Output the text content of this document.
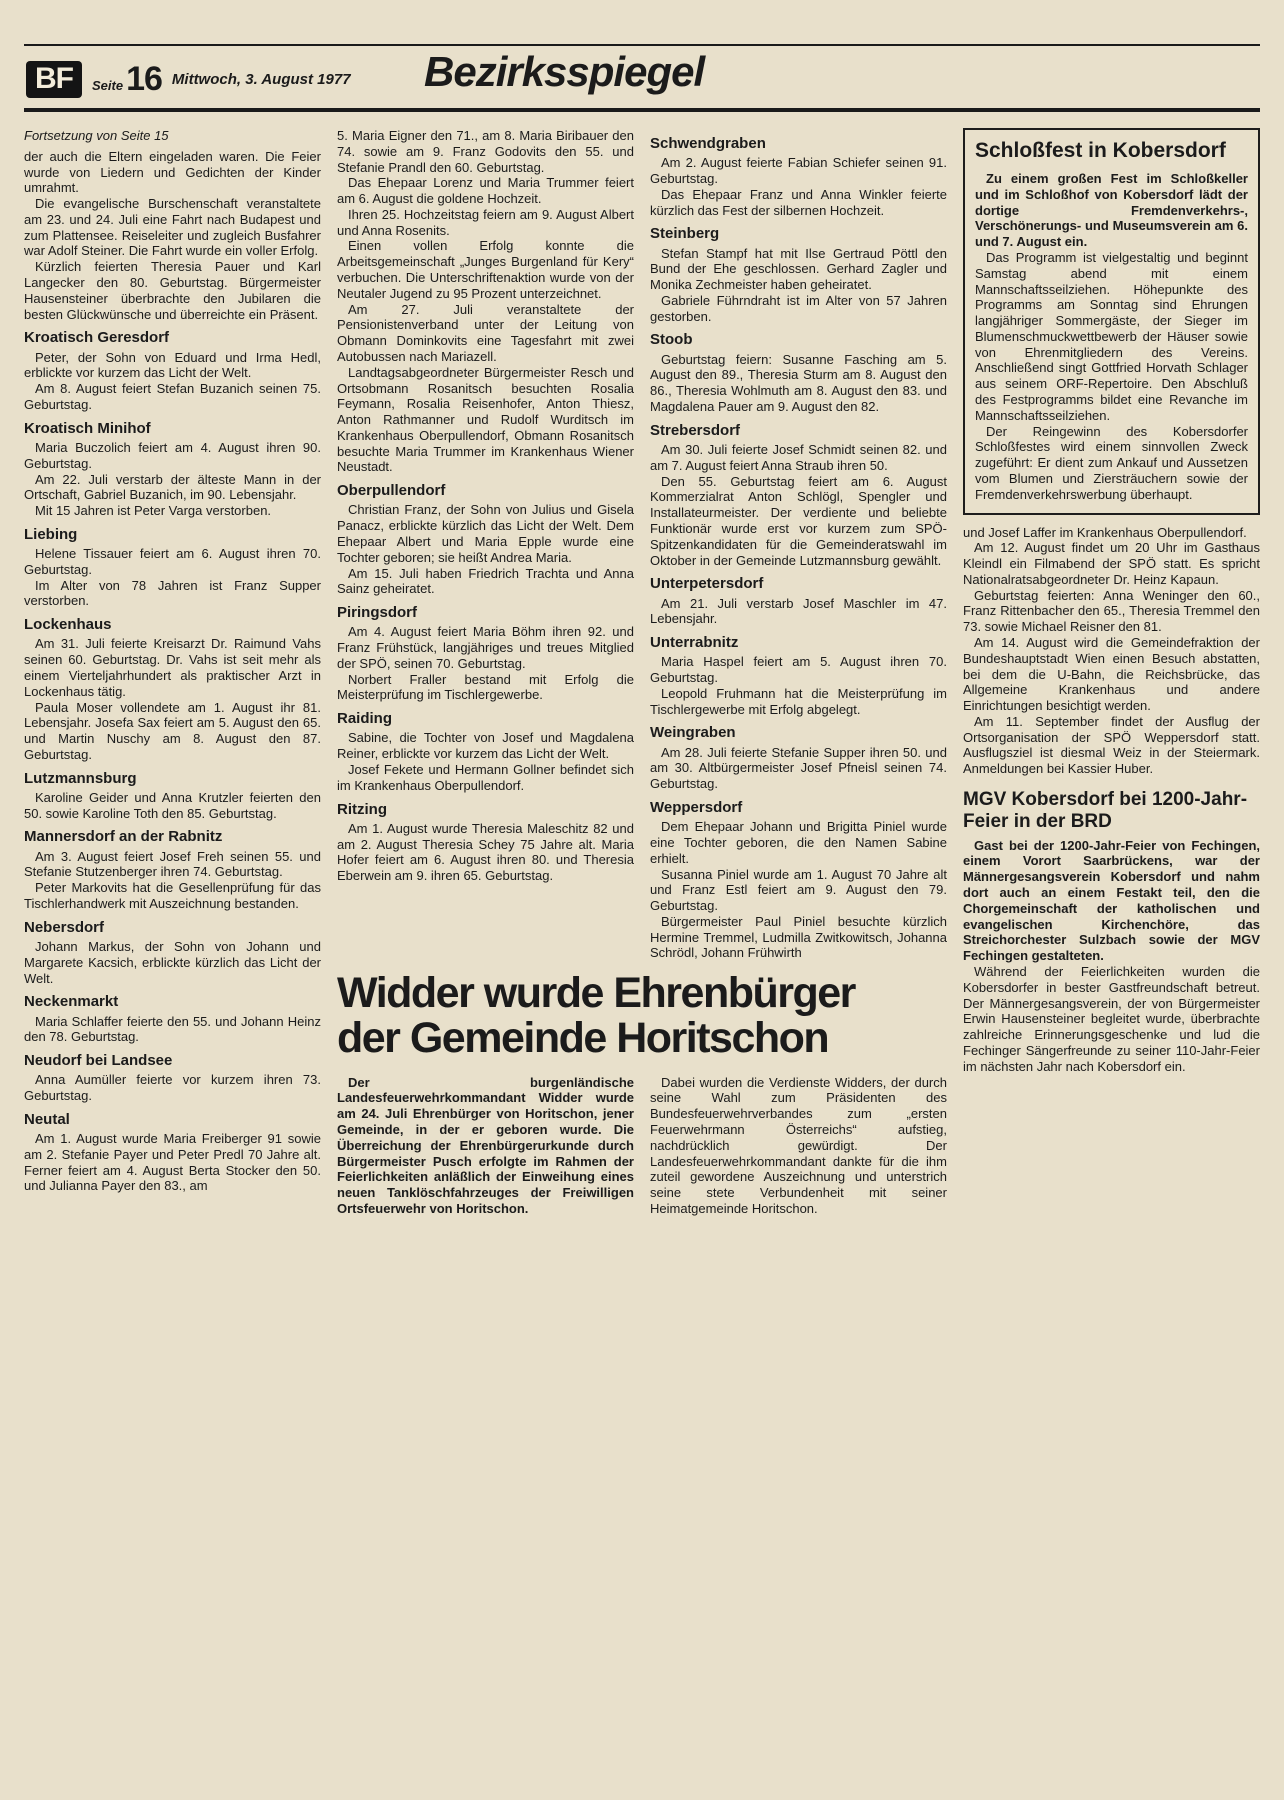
BF	Seite 16 Mittwoch, 3. August 1977 Bezirksspiegel
Fortsetzung von Seite 15
der auch die Eltern eingeladen waren. Die Feier wurde von Liedern und Gedichten der Kinder umrahmt.
Die evangelische Burschenschaft veranstaltete am 23. und 24. Juli eine Fahrt nach Budapest und zum Plattensee. Reiseleiter und zugleich Busfahrer war Adolf Steiner. Die Fahrt wurde ein voller Erfolg.
Kürzlich feierten Theresia Pauer und Karl Langecker den 80. Geburtstag. Bürgermeister Hausensteiner überbrachte den Jubilaren die besten Glückwünsche und überreichte ein Präsent.
Kroatisch Geresdorf
Peter, der Sohn von Eduard und Irma Hedl, erblickte vor kurzem das Licht der Welt.
Am 8. August feiert Stefan Buzanich seinen 75. Geburtstag.
Kroatisch Minihof
Maria Buczolich feiert am 4. August ihren 90. Geburtstag.
Am 22. Juli verstarb der älteste Mann in der Ortschaft, Gabriel Buzanich, im 90. Lebensjahr.
Mit 15 Jahren ist Peter Varga verstorben.
Liebing
Helene Tissauer feiert am 6. August ihren 70. Geburtstag.
Im Alter von 78 Jahren ist Franz Supper verstorben.
Lockenhaus
Am 31. Juli feierte Kreisarzt Dr. Raimund Vahs seinen 60. Geburtstag. Dr. Vahs ist seit mehr als einem Vierteljahrhundert als praktischer Arzt in Lockenhaus tätig.
Paula Moser vollendete am 1. August ihr 81. Lebensjahr. Josefa Sax feiert am 5. August den 65. und Martin Nuschy am 8. August den 87. Geburtstag.
Lutzmannsburg
Karoline Geider und Anna Krutzler feierten den 50. sowie Karoline Toth den 85. Geburtstag.
Mannersdorf an der Rabnitz
Am 3. August feiert Josef Freh seinen 55. und Stefanie Stutzenberger ihren 74. Geburtstag.
Peter Markovits hat die Gesellenprüfung für das Tischlerhandwerk mit Auszeichnung bestanden.
Nebersdorf
Johann Markus, der Sohn von Johann und Margarete Kacsich, erblickte kürzlich das Licht der Welt.
Neckenmarkt
Maria Schlaffer feierte den 55. und Johann Heinz den 78. Geburtstag.
Neudorf bei Landsee
Anna Aumüller feierte vor kurzem ihren 73. Geburtstag.
Neutal
Am 1. August wurde Maria Freiberger 91 sowie am 2. Stefanie Payer und Peter Predl 70 Jahre alt. Ferner feiert am 4. August Berta Stocker den 50. und Julianna Payer den 83., am
5. Maria Eigner den 71., am 8. Maria Biribauer den 74. sowie am 9. Franz Godovits den 55. und Stefanie Prandl den 60. Geburtstag.
Das Ehepaar Lorenz und Maria Trummer feiert am 6. August die goldene Hochzeit.
Ihren 25. Hochzeitstag feiern am 9. August Albert und Anna Rosenits.
Einen vollen Erfolg konnte die Arbeitsgemeinschaft „Junges Burgenland für Kery“ verbuchen. Die Unterschriftenaktion wurde von der Neutaler Jugend zu 95 Prozent unterzeichnet.
Am 27. Juli veranstaltete der Pensionistenverband unter der Leitung von Obmann Dominkovits eine Tagesfahrt mit zwei Autobussen nach Mariazell.
Landtagsabgeordneter Bürgermeister Resch und Ortsobmann Rosanitsch besuchten Rosalia Feymann, Rosalia Reisenhofer, Anton Thiesz, Anton Rathmanner und Rudolf Wurditsch im Krankenhaus Oberpullendorf, Obmann Rosanitsch besuchte Maria Trummer im Krankenhaus Wiener Neustadt.
Oberpullendorf
Christian Franz, der Sohn von Julius und Gisela Panacz, erblickte kürzlich das Licht der Welt. Dem Ehepaar Albert und Maria Epple wurde eine Tochter geboren; sie heißt Andrea Maria.
Am 15. Juli haben Friedrich Trachta und Anna Sainz geheiratet.
Piringsdorf
Am 4. August feiert Maria Böhm ihren 92. und Franz Frühstück, langjähriges und treues Mitglied der SPÖ, seinen 70. Geburtstag.
Norbert Fraller bestand mit Erfolg die Meisterprüfung im Tischlergewerbe.
Raiding
Sabine, die Tochter von Josef und Magdalena Reiner, erblickte vor kurzem das Licht der Welt.
Josef Fekete und Hermann Gollner befindet sich im Krankenhaus Oberpullendorf.
Ritzing
Am 1. August wurde Theresia Maleschitz 82 und am 2. August Theresia Schey 75 Jahre alt. Maria Hofer feiert am 6. August ihren 80. und Theresia Eberwein am 9. ihren 65. Geburtstag.
Schwendgraben
Am 2. August feierte Fabian Schiefer seinen 91. Geburtstag.
Das Ehepaar Franz und Anna Winkler feierte kürzlich das Fest der silbernen Hochzeit.
Steinberg
Stefan Stampf hat mit Ilse Gertraud Pöttl den Bund der Ehe geschlossen. Gerhard Zagler und Monika Zechmeister haben geheiratet.
Gabriele Führndraht ist im Alter von 57 Jahren gestorben.
Stoob
Geburtstag feiern: Susanne Fasching am 5. August den 89., Theresia Sturm am 8. August den 86., Theresia Wohlmuth am 8. August den 83. und Magdalena Pauer am 9. August den 82.
Strebersdorf
Am 30. Juli feierte Josef Schmidt seinen 82. und am 7. August feiert Anna Straub ihren 50.
Den 55. Geburtstag feiert am 6. August Kommerzialrat Anton Schlögl, Spengler und Installateurmeister. Der verdiente und beliebte Funktionär wurde erst vor kurzem zum SPÖ-Spitzenkandidaten für die Gemeinderatswahl im Oktober in der Gemeinde Lutzmannsburg gewählt.
Unterpetersdorf
Am 21. Juli verstarb Josef Maschler im 47. Lebensjahr.
Unterrabnitz
Maria Haspel feiert am 5. August ihren 70. Geburtstag.
Leopold Fruhmann hat die Meisterprüfung im Tischlergewerbe mit Erfolg abgelegt.
Weingraben
Am 28. Juli feierte Stefanie Supper ihren 50. und am 30. Altbürgermeister Josef Pfneisl seinen 74. Geburtstag.
Weppersdorf
Dem Ehepaar Johann und Brigitta Piniel wurde eine Tochter geboren, die den Namen Sabine erhielt.
Susanna Piniel wurde am 1. August 70 Jahre alt und Franz Estl feiert am 9. August den 79. Geburtstag.
Bürgermeister Paul Piniel besuchte kürzlich Hermine Tremmel, Ludmilla Zwitkowitsch, Johanna Schrödl, Johann Frühwirth
Widder wurde Ehrenbürger
der Gemeinde Horitschon
Der burgenländische Landesfeuerwehrkommandant Widder wurde am 24. Juli Ehrenbürger von Horitschon, jener Gemeinde, in der er geboren wurde. Die Überreichung der Ehrenbürgerurkunde durch Bürgermeister Pusch erfolgte im Rahmen der Feierlichkeiten anläßlich der Einweihung eines neuen Tanklöschfahrzeuges der Freiwilligen Ortsfeuerwehr von Horitschon.
Dabei wurden die Verdienste Widders, der durch seine Wahl zum Präsidenten des Bundesfeuerwehrverbandes zum „ersten Feuerwehrmann Österreichs“ aufstieg, nachdrücklich gewürdigt. Der Landesfeuerwehrkommandant dankte für die ihm zuteil gewordene Auszeichnung und unterstrich seine stete Verbundenheit mit seiner Heimatgemeinde Horitschon.
Schloßfest in Kobersdorf
Zu einem großen Fest im Schloßkeller und im Schloßhof von Kobersdorf lädt der dortige Fremdenverkehrs-, Verschönerungs- und Museumsverein am 6. und 7. August ein.
Das Programm ist vielgestaltig und beginnt Samstag abend mit einem Mannschaftsseilziehen. Höhepunkte des Programms am Sonntag sind Ehrungen langjähriger Sommergäste, der Sieger im Blumenschmuckwettbewerb der Häuser sowie von Ehrenmitgliedern des Vereins. Anschließend singt Gottfried Horvath Schlager aus seinem ORF-Repertoire. Den Abschluß des Festprogramms bildet eine Revanche im Mannschaftsseilziehen.
Der Reingewinn des Kobersdorfer Schloßfestes wird einem sinnvollen Zweck zugeführt: Er dient zum Ankauf und Aussetzen vom Blumen und Ziersträuchern sowie der Fremdenverkehrswerbung überhaupt.
und Josef Laffer im Krankenhaus Oberpullendorf.
Am 12. August findet um 20 Uhr im Gasthaus Kleindl ein Filmabend der SPÖ statt. Es spricht Nationalratsabgeordneter Dr. Heinz Kapaun.
Geburtstag feierten: Anna Weninger den 60., Franz Rittenbacher den 65., Theresia Tremmel den 73. sowie Michael Reisner den 81.
Am 14. August wird die Gemeindefraktion der Bundeshauptstadt Wien einen Besuch abstatten, bei dem die U-Bahn, die Reichsbrücke, das Allgemeine Krankenhaus und andere Einrichtungen besichtigt werden.
Am 11. September findet der Ausflug der Ortsorganisation der SPÖ Weppersdorf statt. Ausflugsziel ist diesmal Weiz in der Steiermark. Anmeldungen bei Kassier Huber.
MGV Kobersdorf bei 1200-Jahr-Feier in der BRD
Gast bei der 1200-Jahr-Feier von Fechingen, einem Vorort Saarbrückens, war der Männergesangsverein Kobersdorf und nahm dort auch an einem Festakt teil, den die Chorgemeinschaft der katholischen und evangelischen Kirchenchöre, das Streichorchester Sulzbach sowie der MGV Fechingen gestalteten.
Während der Feierlichkeiten wurden die Kobersdorfer in bester Gastfreundschaft betreut. Der Männergesangsverein, der von Bürgermeister Erwin Hausensteiner begleitet wurde, überbrachte zahlreiche Erinnerungsgeschenke und lud die Fechinger Sängerfreunde zu seiner 110-Jahr-Feier im nächsten Jahr nach Kobersdorf ein.
